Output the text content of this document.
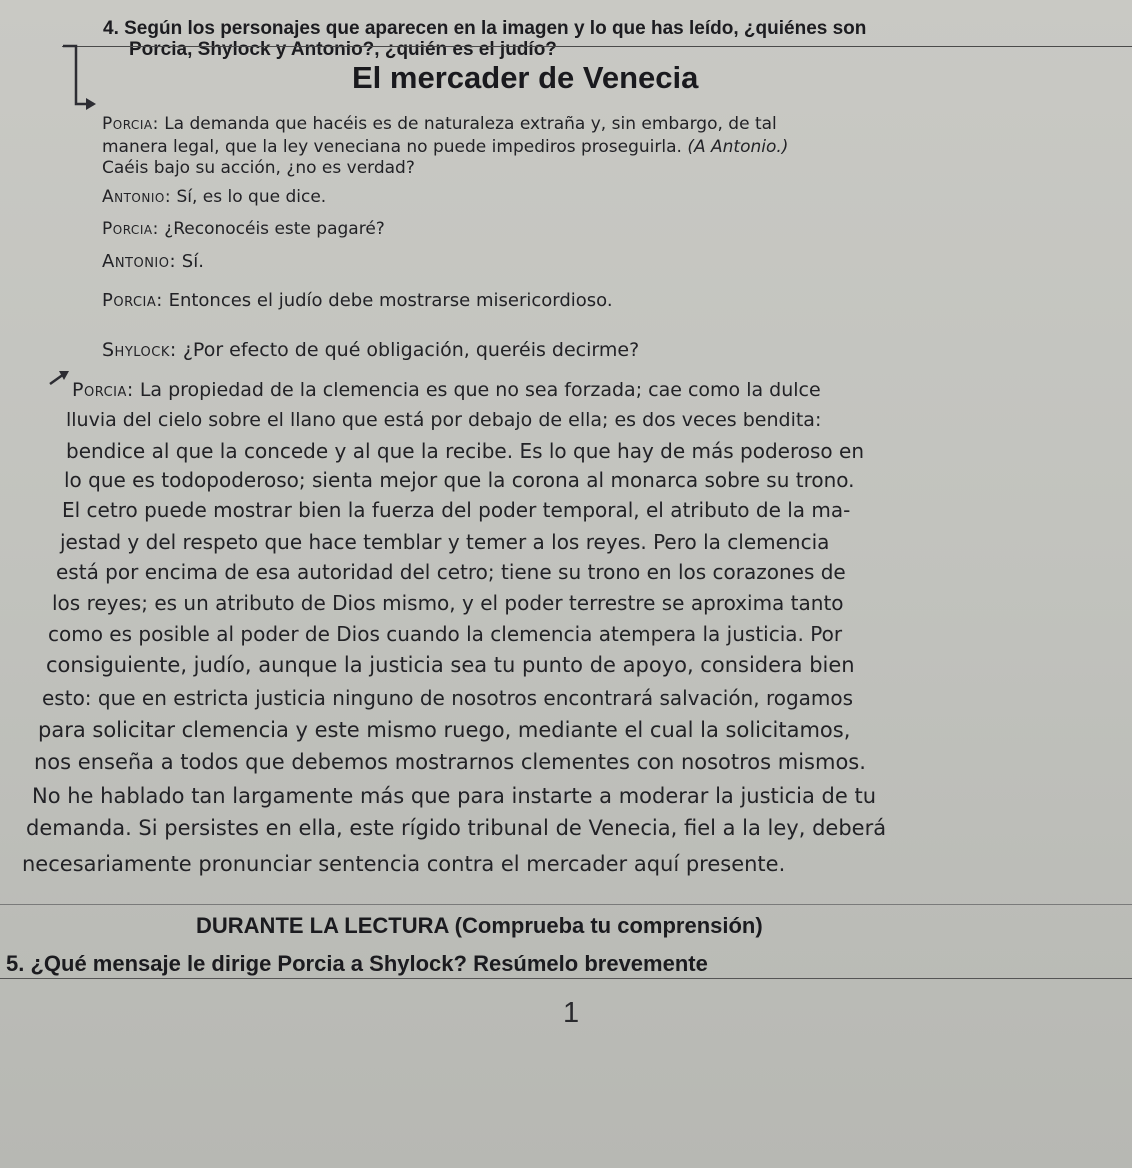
4. Según los personajes que aparecen en la imagen y lo que has leído, ¿quiénes son
Porcia, Shylock y Antonio?, ¿quién es el judío?
El mercader de Venecia
Porcia: La demanda que hacéis es de naturaleza extraña y, sin embargo, de tal
manera legal, que la ley veneciana no puede impediros proseguirla. (A Antonio.)
Caéis bajo su acción, ¿no es verdad?
Antonio: Sí, es lo que dice.
Porcia: ¿Reconocéis este pagaré?
Antonio: Sí.
Porcia: Entonces el judío debe mostrarse misericordioso.
Shylock: ¿Por efecto de qué obligación, queréis decirme?
Porcia: La propiedad de la clemencia es que no sea forzada; cae como la dulce
lluvia del cielo sobre el llano que está por debajo de ella; es dos veces bendita:
bendice al que la concede y al que la recibe. Es lo que hay de más poderoso en
lo que es todopoderoso; sienta mejor que la corona al monarca sobre su trono.
El cetro puede mostrar bien la fuerza del poder temporal, el atributo de la ma-
jestad y del respeto que hace temblar y temer a los reyes. Pero la clemencia
está por encima de esa autoridad del cetro; tiene su trono en los corazones de
los reyes; es un atributo de Dios mismo, y el poder terrestre se aproxima tanto
como es posible al poder de Dios cuando la clemencia atempera la justicia. Por
consiguiente, judío, aunque la justicia sea tu punto de apoyo, considera bien
esto: que en estricta justicia ninguno de nosotros encontrará salvación, rogamos
para solicitar clemencia y este mismo ruego, mediante el cual la solicitamos,
nos enseña a todos que debemos mostrarnos clementes con nosotros mismos.
No he hablado tan largamente más que para instarte a moderar la justicia de tu
demanda. Si persistes en ella, este rígido tribunal de Venecia, fiel a la ley, deberá
necesariamente pronunciar sentencia contra el mercader aquí presente.
DURANTE LA LECTURA (Comprueba tu comprensión)
5. ¿Qué mensaje le dirige Porcia a Shylock? Resúmelo brevemente
1
